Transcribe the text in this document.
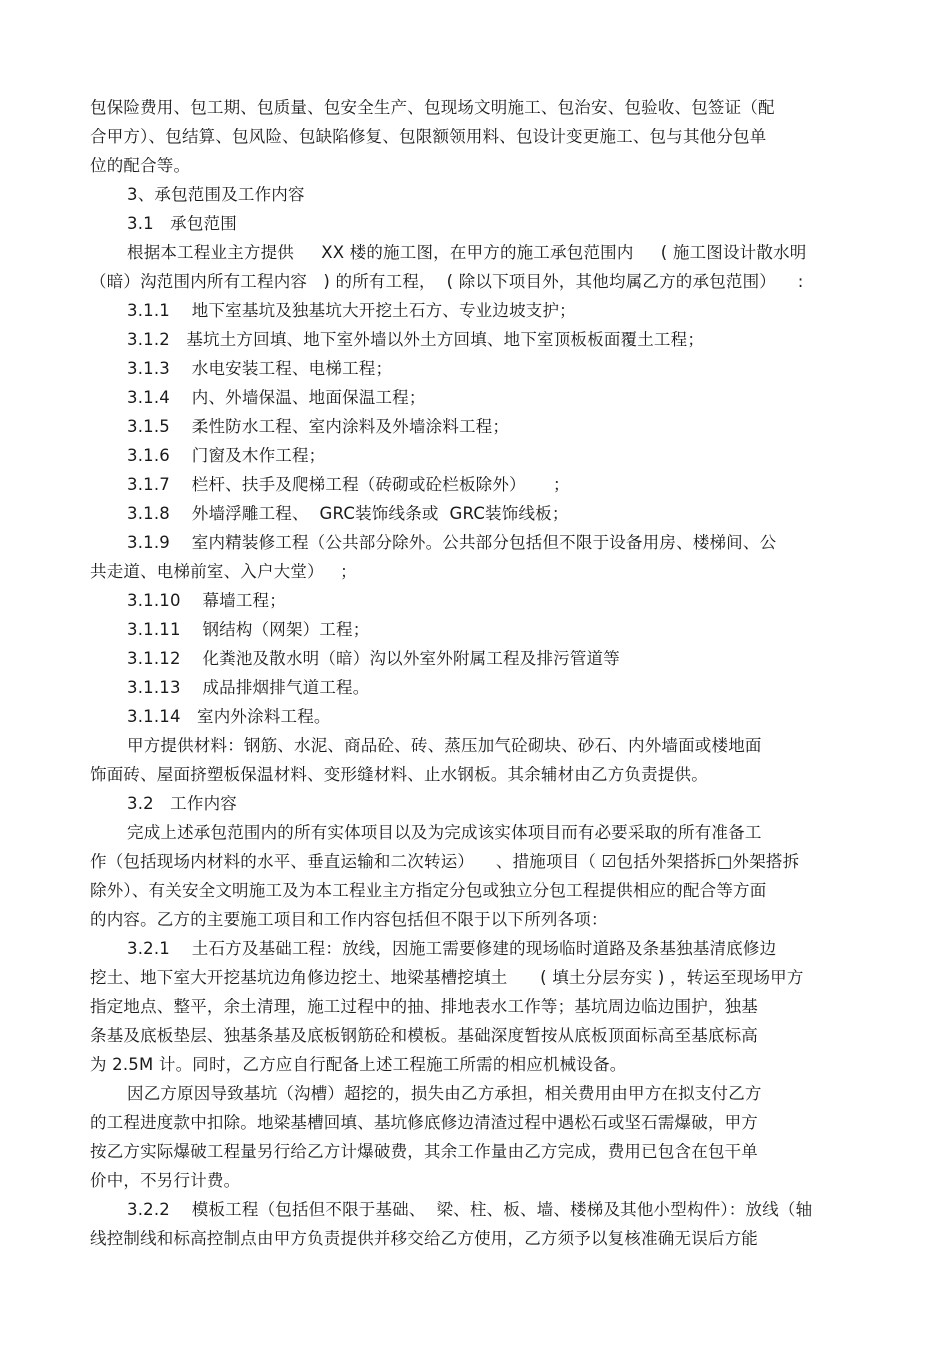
包保险费用、包工期、包质量、包安全生产、包现场文明施工、包治安、包验收、包签证（配
合甲方）、包结算、包风险、包缺陷修复、包限额领用料、包设计变更施工、包与其他分包单
位的配合等。
3、承包范围及工作内容
3.1   承包范围
根据本工程业主方提供     XX 楼的施工图，在甲方的施工承包范围内     ( 施工图设计散水明
（暗）沟范围内所有工程内容   ) 的所有工程，  ( 除以下项目外，其他均属乙方的承包范围）    :
3.1.1    地下室基坑及独基坑大开挖土石方、专业边坡支护；
3.1.2   基坑土方回填、地下室外墙以外土方回填、地下室顶板板面覆土工程；
3.1.3    水电安装工程、电梯工程；
3.1.4    内、外墙保温、地面保温工程；
3.1.5    柔性防水工程、室内涂料及外墙涂料工程；
3.1.6    门窗及木作工程；
3.1.7    栏杆、扶手及爬梯工程（砖砌或砼栏板除外）     ；
3.1.8    外墙浮雕工程、  GRC装饰线条或  GRC装饰线板；
3.1.9    室内精装修工程（公共部分除外。公共部分包括但不限于设备用房、楼梯间、公
共走道、电梯前室、入户大堂）   ；
3.1.10    幕墙工程；
3.1.11    钢结构（网架）工程；
3.1.12    化粪池及散水明（暗）沟以外室外附属工程及排污管道等
3.1.13    成品排烟排气道工程。
3.1.14   室内外涂料工程。
甲方提供材料：钢筋、水泥、商品砼、砖、蒸压加气砼砌块、砂石、内外墙面或楼地面
饰面砖、屋面挤塑板保温材料、变形缝材料、止水钢板。其余辅材由乙方负责提供。
3.2   工作内容
完成上述承包范围内的所有实体项目以及为完成该实体项目而有必要采取的所有准备工
作（包括现场内材料的水平、垂直运输和二次转运）    、措施项目（ ☑包括外架搭拆□外架搭拆
除外）、有关安全文明施工及为本工程业主方指定分包或独立分包工程提供相应的配合等方面
的内容。乙方的主要施工项目和工作内容包括但不限于以下所列各项：
3.2.1    土石方及基础工程：放线，因施工需要修建的现场临时道路及条基独基清底修边
挖土、地下室大开挖基坑边角修边挖土、地梁基槽挖填土      ( 填土分层夯实 ) ，转运至现场甲方
指定地点、整平，余土清理，施工过程中的抽、排地表水工作等；基坑周边临边围护，独基
条基及底板垫层、独基条基及底板钢筋砼和模板。基础深度暂按从底板顶面标高至基底标高
为 2.5M 计。同时，乙方应自行配备上述工程施工所需的相应机械设备。
因乙方原因导致基坑（沟槽）超挖的，损失由乙方承担，相关费用由甲方在拟支付乙方
的工程进度款中扣除。地梁基槽回填、基坑修底修边清渣过程中遇松石或坚石需爆破，甲方
按乙方实际爆破工程量另行给乙方计爆破费，其余工作量由乙方完成，费用已包含在包干单
价中，不另行计费。
3.2.2    模板工程（包括但不限于基础、  梁、柱、板、墙、楼梯及其他小型构件）：放线（轴
线控制线和标高控制点由甲方负责提供并移交给乙方使用，乙方须予以复核准确无误后方能
